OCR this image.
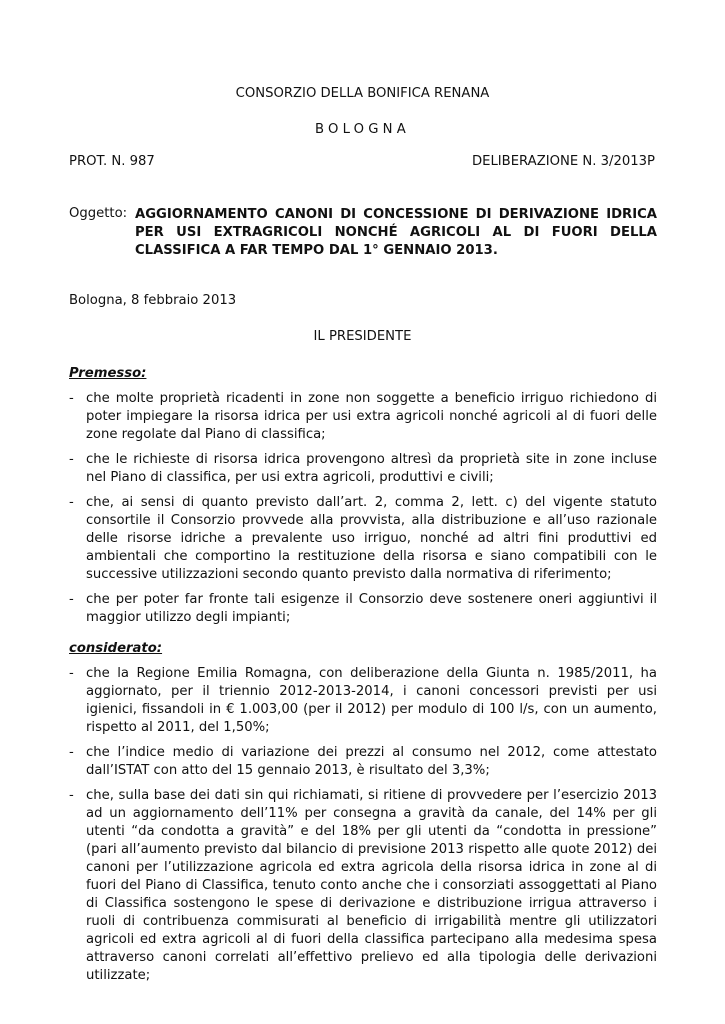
CONSORZIO DELLA BONIFICA RENANA
BOLOGNA
PROT. N. 987	DELIBERAZIONE N. 3/2013P
Oggetto: AGGIORNAMENTO CANONI DI CONCESSIONE DI DERIVAZIONE IDRICA PER USI EXTRAGRICOLI NONCHÉ AGRICOLI AL DI FUORI DELLA CLASSIFICA A FAR TEMPO DAL 1° GENNAIO 2013.
Bologna, 8 febbraio 2013
IL PRESIDENTE
Premesso:
- che molte proprietà ricadenti in zone non soggette a beneficio irriguo richiedono di poter impiegare la risorsa idrica per usi extra agricoli nonché agricoli al di fuori delle zone regolate dal Piano di classifica;
- che le richieste di risorsa idrica provengono altresì da proprietà site in zone incluse nel Piano di classifica, per usi extra agricoli, produttivi e civili;
- che, ai sensi di quanto previsto dall’art. 2, comma 2, lett. c) del vigente statuto consortile il Consorzio provvede alla provvista, alla distribuzione e all’uso razionale delle risorse idriche a prevalente uso irriguo, nonché ad altri fini produttivi ed ambientali che comportino la restituzione della risorsa e siano compatibili con le successive utilizzazioni secondo quanto previsto dalla normativa di riferimento;
- che per poter far fronte tali esigenze il Consorzio deve sostenere oneri aggiuntivi il maggior utilizzo degli impianti;
considerato:
- che la Regione Emilia Romagna, con deliberazione della Giunta n. 1985/2011, ha aggiornato, per il triennio 2012-2013-2014, i canoni concessori previsti per usi igienici, fissandoli in € 1.003,00 (per il 2012) per modulo di 100 l/s, con un aumento, rispetto al 2011, del 1,50%;
- che l’indice medio di variazione dei prezzi al consumo nel 2012, come attestato dall’ISTAT con atto del 15 gennaio 2013, è risultato del 3,3%;
- che, sulla base dei dati sin qui richiamati, si ritiene di provvedere per l’esercizio 2013 ad un aggiornamento dell’11% per consegna a gravità da canale, del 14% per gli utenti “da condotta a gravità” e del 18% per gli utenti da “condotta in pressione” (pari all’aumento previsto dal bilancio di previsione 2013 rispetto alle quote 2012) dei canoni per l’utilizzazione agricola ed extra agricola della risorsa idrica in zone al di fuori del Piano di Classifica, tenuto conto anche che i consorziati assoggettati al Piano di Classifica sostengono le spese di derivazione e distribuzione irrigua attraverso i ruoli di contribuenza commisurati al beneficio di irrigabilità mentre gli utilizzatori agricoli ed extra agricoli al di fuori della classifica partecipano alla medesima spesa attraverso canoni correlati all’effettivo prelievo ed alla tipologia delle derivazioni utilizzate;
